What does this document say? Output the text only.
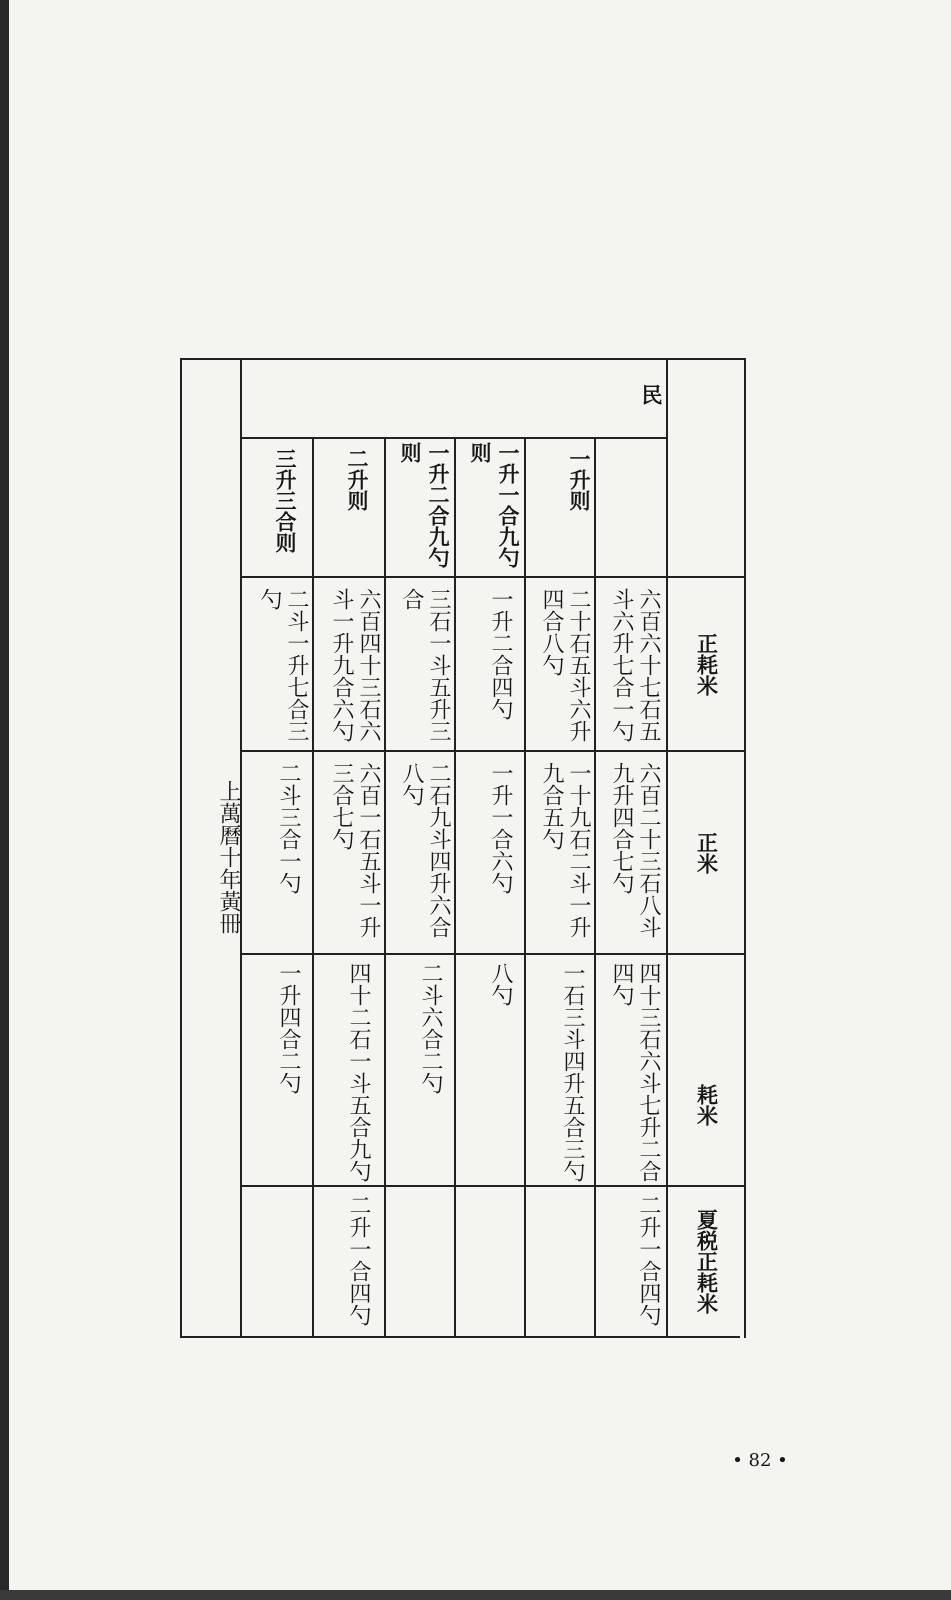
正耗米
正米
耗米
夏税正耗米
民
六百六十七石五斗六升七合一勺
六百二十三石八斗九升四合七勺
四十三石六斗七升二合四勺
二升一合四勺
一升则
二十石五斗六升四合八勺
一十九石二斗一升九合五勺
一石三斗四升五合三勺
一升一合九勺则
一升二合四勺
一升一合六勺
八勺
一升二合九勺则
三石一斗五升三合
二石九斗四升六合八勺
二斗六合二勺
二升则
六百四十三石六斗一升九合六勺
六百一石五斗一升三合七勺
四十二石一斗五合九勺
二升一合四勺
三升三合则
二斗一升七合三勺
二斗三合一勺
一升四合二勺
上萬曆十年黃冊
• 82 •
